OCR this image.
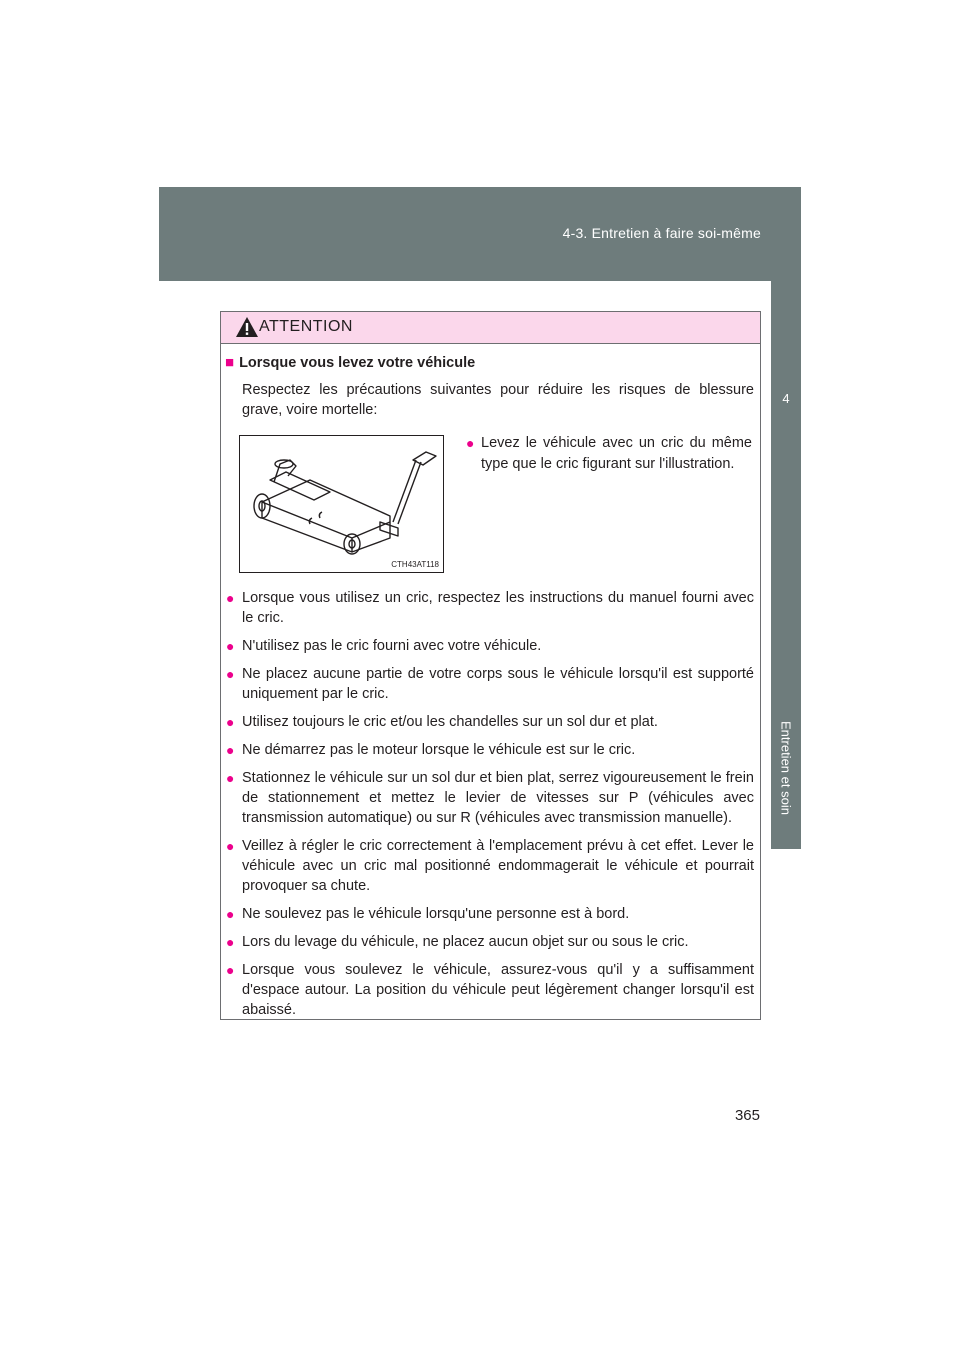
4-3. Entretien à faire soi-même
4
Entretien et soin
ATTENTION
■ Lorsque vous levez votre véhicule
Respectez les précautions suivantes pour réduire les risques de blessure grave, voire mortelle:
CTH43AT118
● Levez le véhicule avec un cric du même type que le cric figurant sur l'illustration.
● Lorsque vous utilisez un cric, respectez les instructions du manuel fourni avec le cric.
● N'utilisez pas le cric fourni avec votre véhicule.
● Ne placez aucune partie de votre corps sous le véhicule lorsqu'il est supporté uniquement par le cric.
● Utilisez toujours le cric et/ou les chandelles sur un sol dur et plat.
● Ne démarrez pas le moteur lorsque le véhicule est sur le cric.
● Stationnez le véhicule sur un sol dur et bien plat, serrez vigoureusement le frein de stationnement et mettez le levier de vitesses sur P (véhicules avec transmission automatique) ou sur R (véhicules avec transmission manuelle).
● Veillez à régler le cric correctement à l'emplacement prévu à cet effet. Lever le véhicule avec un cric mal positionné endommagerait le véhicule et pourrait provoquer sa chute.
● Ne soulevez pas le véhicule lorsqu'une personne est à bord.
● Lors du levage du véhicule, ne placez aucun objet sur ou sous le cric.
● Lorsque vous soulevez le véhicule, assurez-vous qu'il y a suffisamment d'espace autour. La position du véhicule peut légèrement changer lorsqu'il est abaissé.
365
